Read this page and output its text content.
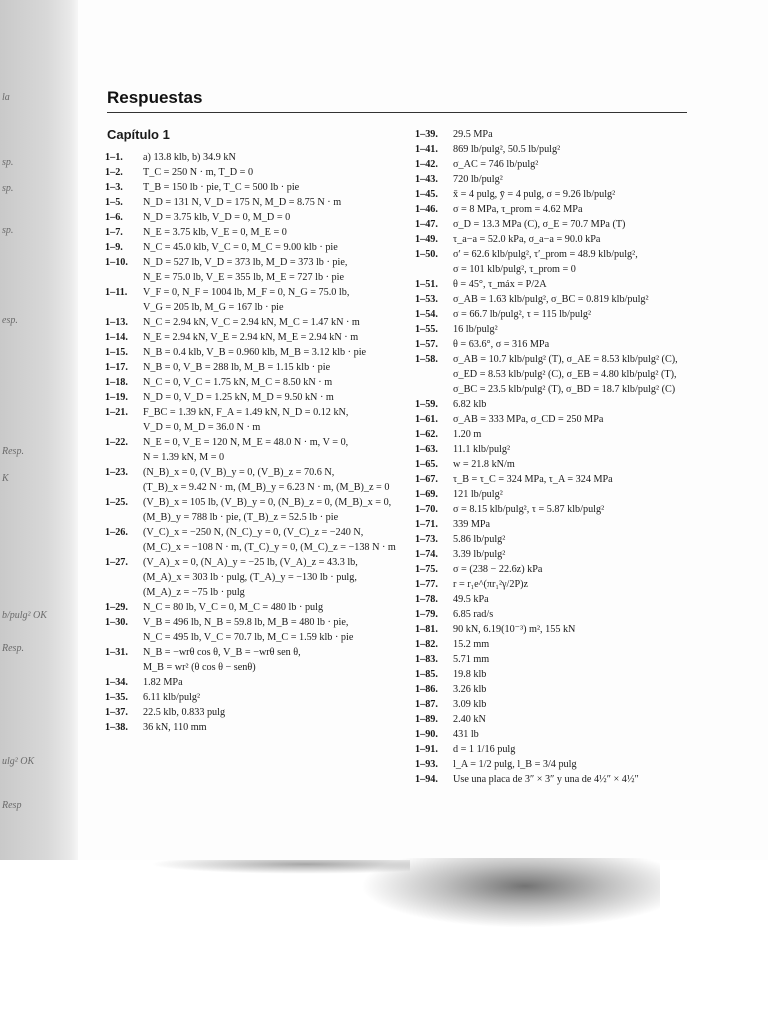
la
sp.
sp.
sp.
esp.
Resp.
K
b/pulg² OK
Resp.
ulg² OK
Resp
Respuestas
Capítulo 1
1–1. a) 13.8 klb, b) 34.9 kN
1–2. T_C = 250 N · m, T_D = 0
1–3. T_B = 150 lb · pie, T_C = 500 lb · pie
1–5. N_D = 131 N, V_D = 175 N, M_D = 8.75 N · m
1–6. N_D = 3.75 klb, V_D = 0, M_D = 0
1–7. N_E = 3.75 klb, V_E = 0, M_E = 0
1–9. N_C = 45.0 klb, V_C = 0, M_C = 9.00 klb · pie
1–10. N_D = 527 lb, V_D = 373 lb, M_D = 373 lb · pie,
N_E = 75.0 lb, V_E = 355 lb, M_E = 727 lb · pie
1–11. V_F = 0, N_F = 1004 lb, M_F = 0, N_G = 75.0 lb,
V_G = 205 lb, M_G = 167 lb · pie
1–13. N_C = 2.94 kN, V_C = 2.94 kN, M_C = 1.47 kN · m
1–14. N_E = 2.94 kN, V_E = 2.94 kN, M_E = 2.94 kN · m
1–15. N_B = 0.4 klb, V_B = 0.960 klb, M_B = 3.12 klb · pie
1–17. N_B = 0, V_B = 288 lb, M_B = 1.15 klb · pie
1–18. N_C = 0, V_C = 1.75 kN, M_C = 8.50 kN · m
1–19. N_D = 0, V_D = 1.25 kN, M_D = 9.50 kN · m
1–21. F_BC = 1.39 kN, F_A = 1.49 kN, N_D = 0.12 kN,
V_D = 0, M_D = 36.0 N · m
1–22. N_E = 0, V_E = 120 N, M_E = 48.0 N · m, V = 0,
N = 1.39 kN, M = 0
1–23. (N_B)_x = 0, (V_B)_y = 0, (V_B)_z = 70.6 N,
(T_B)_x = 9.42 N · m, (M_B)_y = 6.23 N · m, (M_B)_z = 0
1–25. (V_B)_x = 105 lb, (V_B)_y = 0, (N_B)_z = 0, (M_B)_x = 0,
(M_B)_y = 788 lb · pie, (T_B)_z = 52.5 lb · pie
1–26. (V_C)_x = −250 N, (N_C)_y = 0, (V_C)_z = −240 N,
(M_C)_x = −108 N · m, (T_C)_y = 0, (M_C)_z = −138 N · m
1–27. (V_A)_x = 0, (N_A)_y = −25 lb, (V_A)_z = 43.3 lb,
(M_A)_x = 303 lb · pulg, (T_A)_y = −130 lb · pulg,
(M_A)_z = −75 lb · pulg
1–29. N_C = 80 lb, V_C = 0, M_C = 480 lb · pulg
1–30. V_B = 496 lb, N_B = 59.8 lb, M_B = 480 lb · pie,
N_C = 495 lb, V_C = 70.7 lb, M_C = 1.59 klb · pie
1–31. N_B = −wrθ cos θ, V_B = −wrθ sen θ,
M_B = wr² (θ cos θ − senθ)
1–34. 1.82 MPa
1–35. 6.11 klb/pulg²
1–37. 22.5 klb, 0.833 pulg
1–38. 36 kN, 110 mm
1–39. 29.5 MPa
1–41. 869 lb/pulg², 50.5 lb/pulg²
1–42. σ_AC = 746 lb/pulg²
1–43. 720 lb/pulg²
1–45. x̄ = 4 pulg, ȳ = 4 pulg, σ = 9.26 lb/pulg²
1–46. σ = 8 MPa, τ_prom = 4.62 MPa
1–47. σ_D = 13.3 MPa (C), σ_E = 70.7 MPa (T)
1–49. τ_a−a = 52.0 kPa, σ_a−a = 90.0 kPa
1–50. σ′ = 62.6 klb/pulg², τ′_prom = 48.9 klb/pulg²,
σ = 101 klb/pulg², τ_prom = 0
1–51. θ = 45°, τ_máx = P/2A
1–53. σ_AB = 1.63 klb/pulg², σ_BC = 0.819 klb/pulg²
1–54. σ = 66.7 lb/pulg², τ = 115 lb/pulg²
1–55. 16 lb/pulg²
1–57. θ = 63.6°, σ = 316 MPa
1–58. σ_AB = 10.7 klb/pulg² (T), σ_AE = 8.53 klb/pulg² (C),
σ_ED = 8.53 klb/pulg² (C), σ_EB = 4.80 klb/pulg² (T),
σ_BC = 23.5 klb/pulg² (T), σ_BD = 18.7 klb/pulg² (C)
1–59. 6.82 klb
1–61. σ_AB = 333 MPa, σ_CD = 250 MPa
1–62. 1.20 m
1–63. 11.1 klb/pulg²
1–65. w = 21.8 kN/m
1–67. τ_B = τ_C = 324 MPa, τ_A = 324 MPa
1–69. 121 lb/pulg²
1–70. σ = 8.15 klb/pulg², τ = 5.87 klb/pulg²
1–71. 339 MPa
1–73. 5.86 lb/pulg²
1–74. 3.39 lb/pulg²
1–75. σ = (238 − 22.6z) kPa
1–77. r = r₁e^(πr₁²γ/2P)z
1–78. 49.5 kPa
1–79. 6.85 rad/s
1–81. 90 kN, 6.19(10⁻³) m², 155 kN
1–82. 15.2 mm
1–83. 5.71 mm
1–85. 19.8 klb
1–86. 3.26 klb
1–87. 3.09 klb
1–89. 2.40 kN
1–90. 431 lb
1–91. d = 1 1/16 pulg
1–93. l_A = 1/2 pulg, l_B = 3/4 pulg
1–94. Use una placa de 3″ × 3″ y una de 4½″ × 4½″
